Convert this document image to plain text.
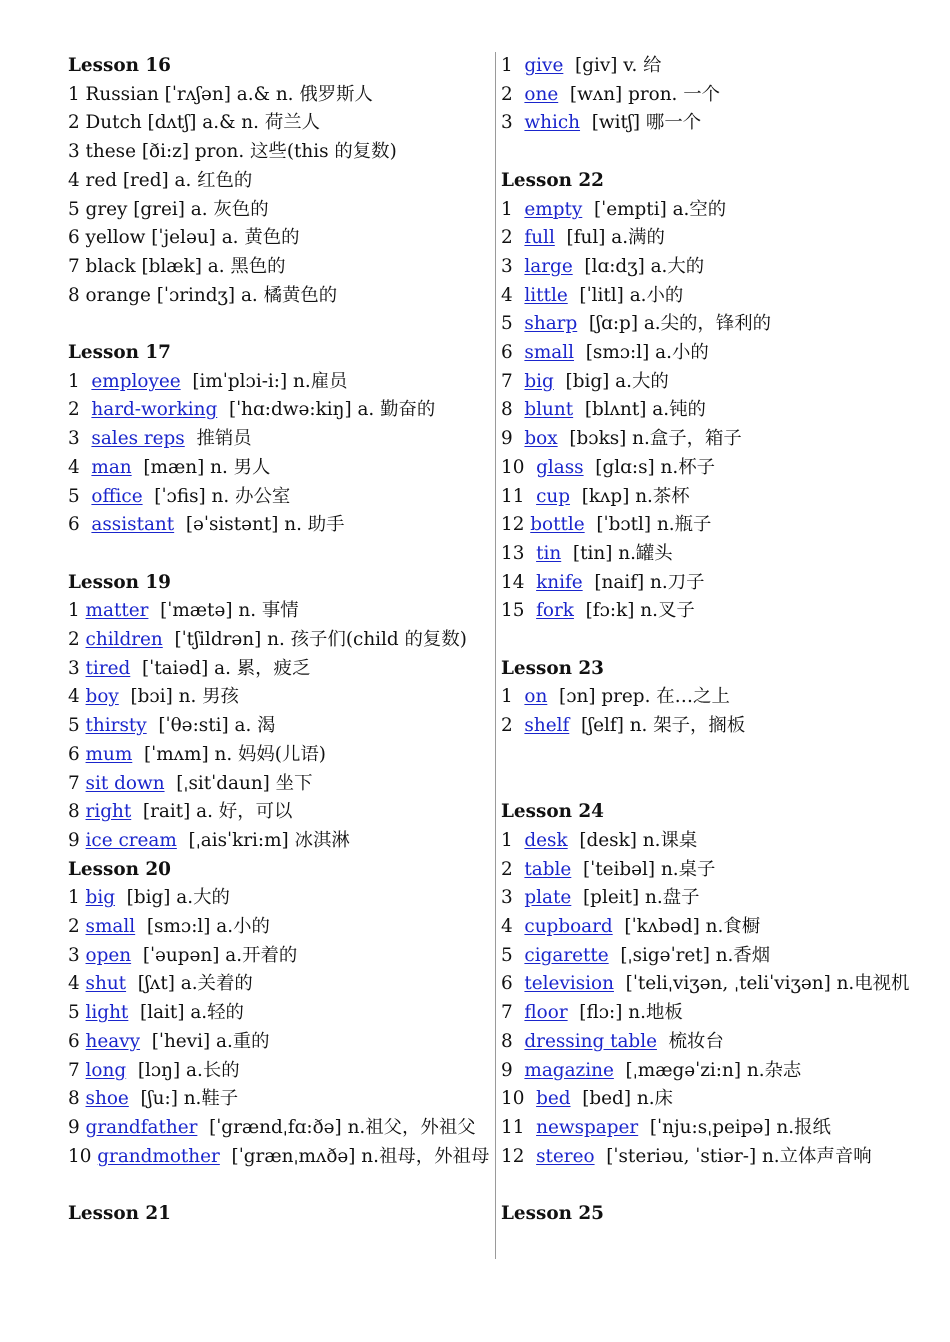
Lesson 16
1 Russian [ˈrʌʃən] a.& n. 俄罗斯人
2 Dutch [dʌtʃ] a.& n. 荷兰人
3 these [ði:z] pron. 这些(this 的复数)
4 red [red] a. 红色的
5 grey [grei] a. 灰色的
6 yellow [ˈjeləu] a. 黄色的
7 black [blæk] a. 黑色的
8 orange [ˈɔrindʒ] a. 橘黄色的
Lesson 17
1  employee  [imˈplɔi-i:] n.雇员
2  hard-working  [ˈhɑ:dwə:kiŋ] a. 勤奋的
3  sales reps  推销员
4  man  [mæn] n. 男人
5  office  [ˈɔfis] n. 办公室
6  assistant  [əˈsistənt] n. 助手
Lesson 19
1 matter  [ˈmætə] n. 事情
2 children  [ˈtʃildrən] n. 孩子们(child 的复数)
3 tired  [ˈtaiəd] a. 累，疲乏
4 boy  [bɔi] n. 男孩
5 thirsty  [ˈθə:sti] a. 渴
6 mum  [ˈmʌm] n. 妈妈(儿语)
7 sit down  [ˌsitˈdaun] 坐下
8 right  [rait] a. 好，可以
9 ice cream  [ˌaisˈkri:m] 冰淇淋
Lesson 20
1 big  [big] a.大的
2 small  [smɔ:l] a.小的
3 open  [ˈəupən] a.开着的
4 shut  [ʃʌt] a.关着的
5 light  [lait] a.轻的
6 heavy  [ˈhevi] a.重的
7 long  [lɔŋ] a.长的
8 shoe  [ʃu:] n.鞋子
9 grandfather  [ˈgrændˌfɑ:ðə] n.祖父，外祖父
10 grandmother  [ˈgrænˌmʌðə] n.祖母，外祖母
Lesson 21
1  give  [giv] v. 给
2  one  [wʌn] pron. 一个
3  which  [witʃ] 哪一个
Lesson 22
1  empty  [ˈempti] a.空的
2  full  [ful] a.满的
3  large  [lɑ:dʒ] a.大的
4  little  [ˈlitl] a.小的
5  sharp  [ʃɑ:p] a.尖的，锋利的
6  small  [smɔ:l] a.小的
7  big  [big] a.大的
8  blunt  [blʌnt] a.钝的
9  box  [bɔks] n.盒子，箱子
10  glass  [glɑ:s] n.杯子
11  cup  [kʌp] n.茶杯
12 bottle  [ˈbɔtl] n.瓶子
13  tin  [tin] n.罐头
14  knife  [naif] n.刀子
15  fork  [fɔ:k] n.叉子
Lesson 23
1  on  [ɔn] prep. 在…之上
2  shelf  [ʃelf] n. 架子，搁板
Lesson 24
1  desk  [desk] n.课桌
2  table  [ˈteibəl] n.桌子
3  plate  [pleit] n.盘子
4  cupboard  [ˈkʌbəd] n.食橱
5  cigarette  [ˌsigəˈret] n.香烟
6  television  [ˈteliˌviʒən, ˌteliˈviʒən] n.电视机
7  floor  [flɔ:] n.地板
8  dressing table  梳妆台
9  magazine  [ˌmægəˈzi:n] n.杂志
10  bed  [bed] n.床
11  newspaper  [ˈnju:sˌpeipə] n.报纸
12  stereo  [ˈsteriəu, ˈstiər-] n.立体声音响
Lesson 25
